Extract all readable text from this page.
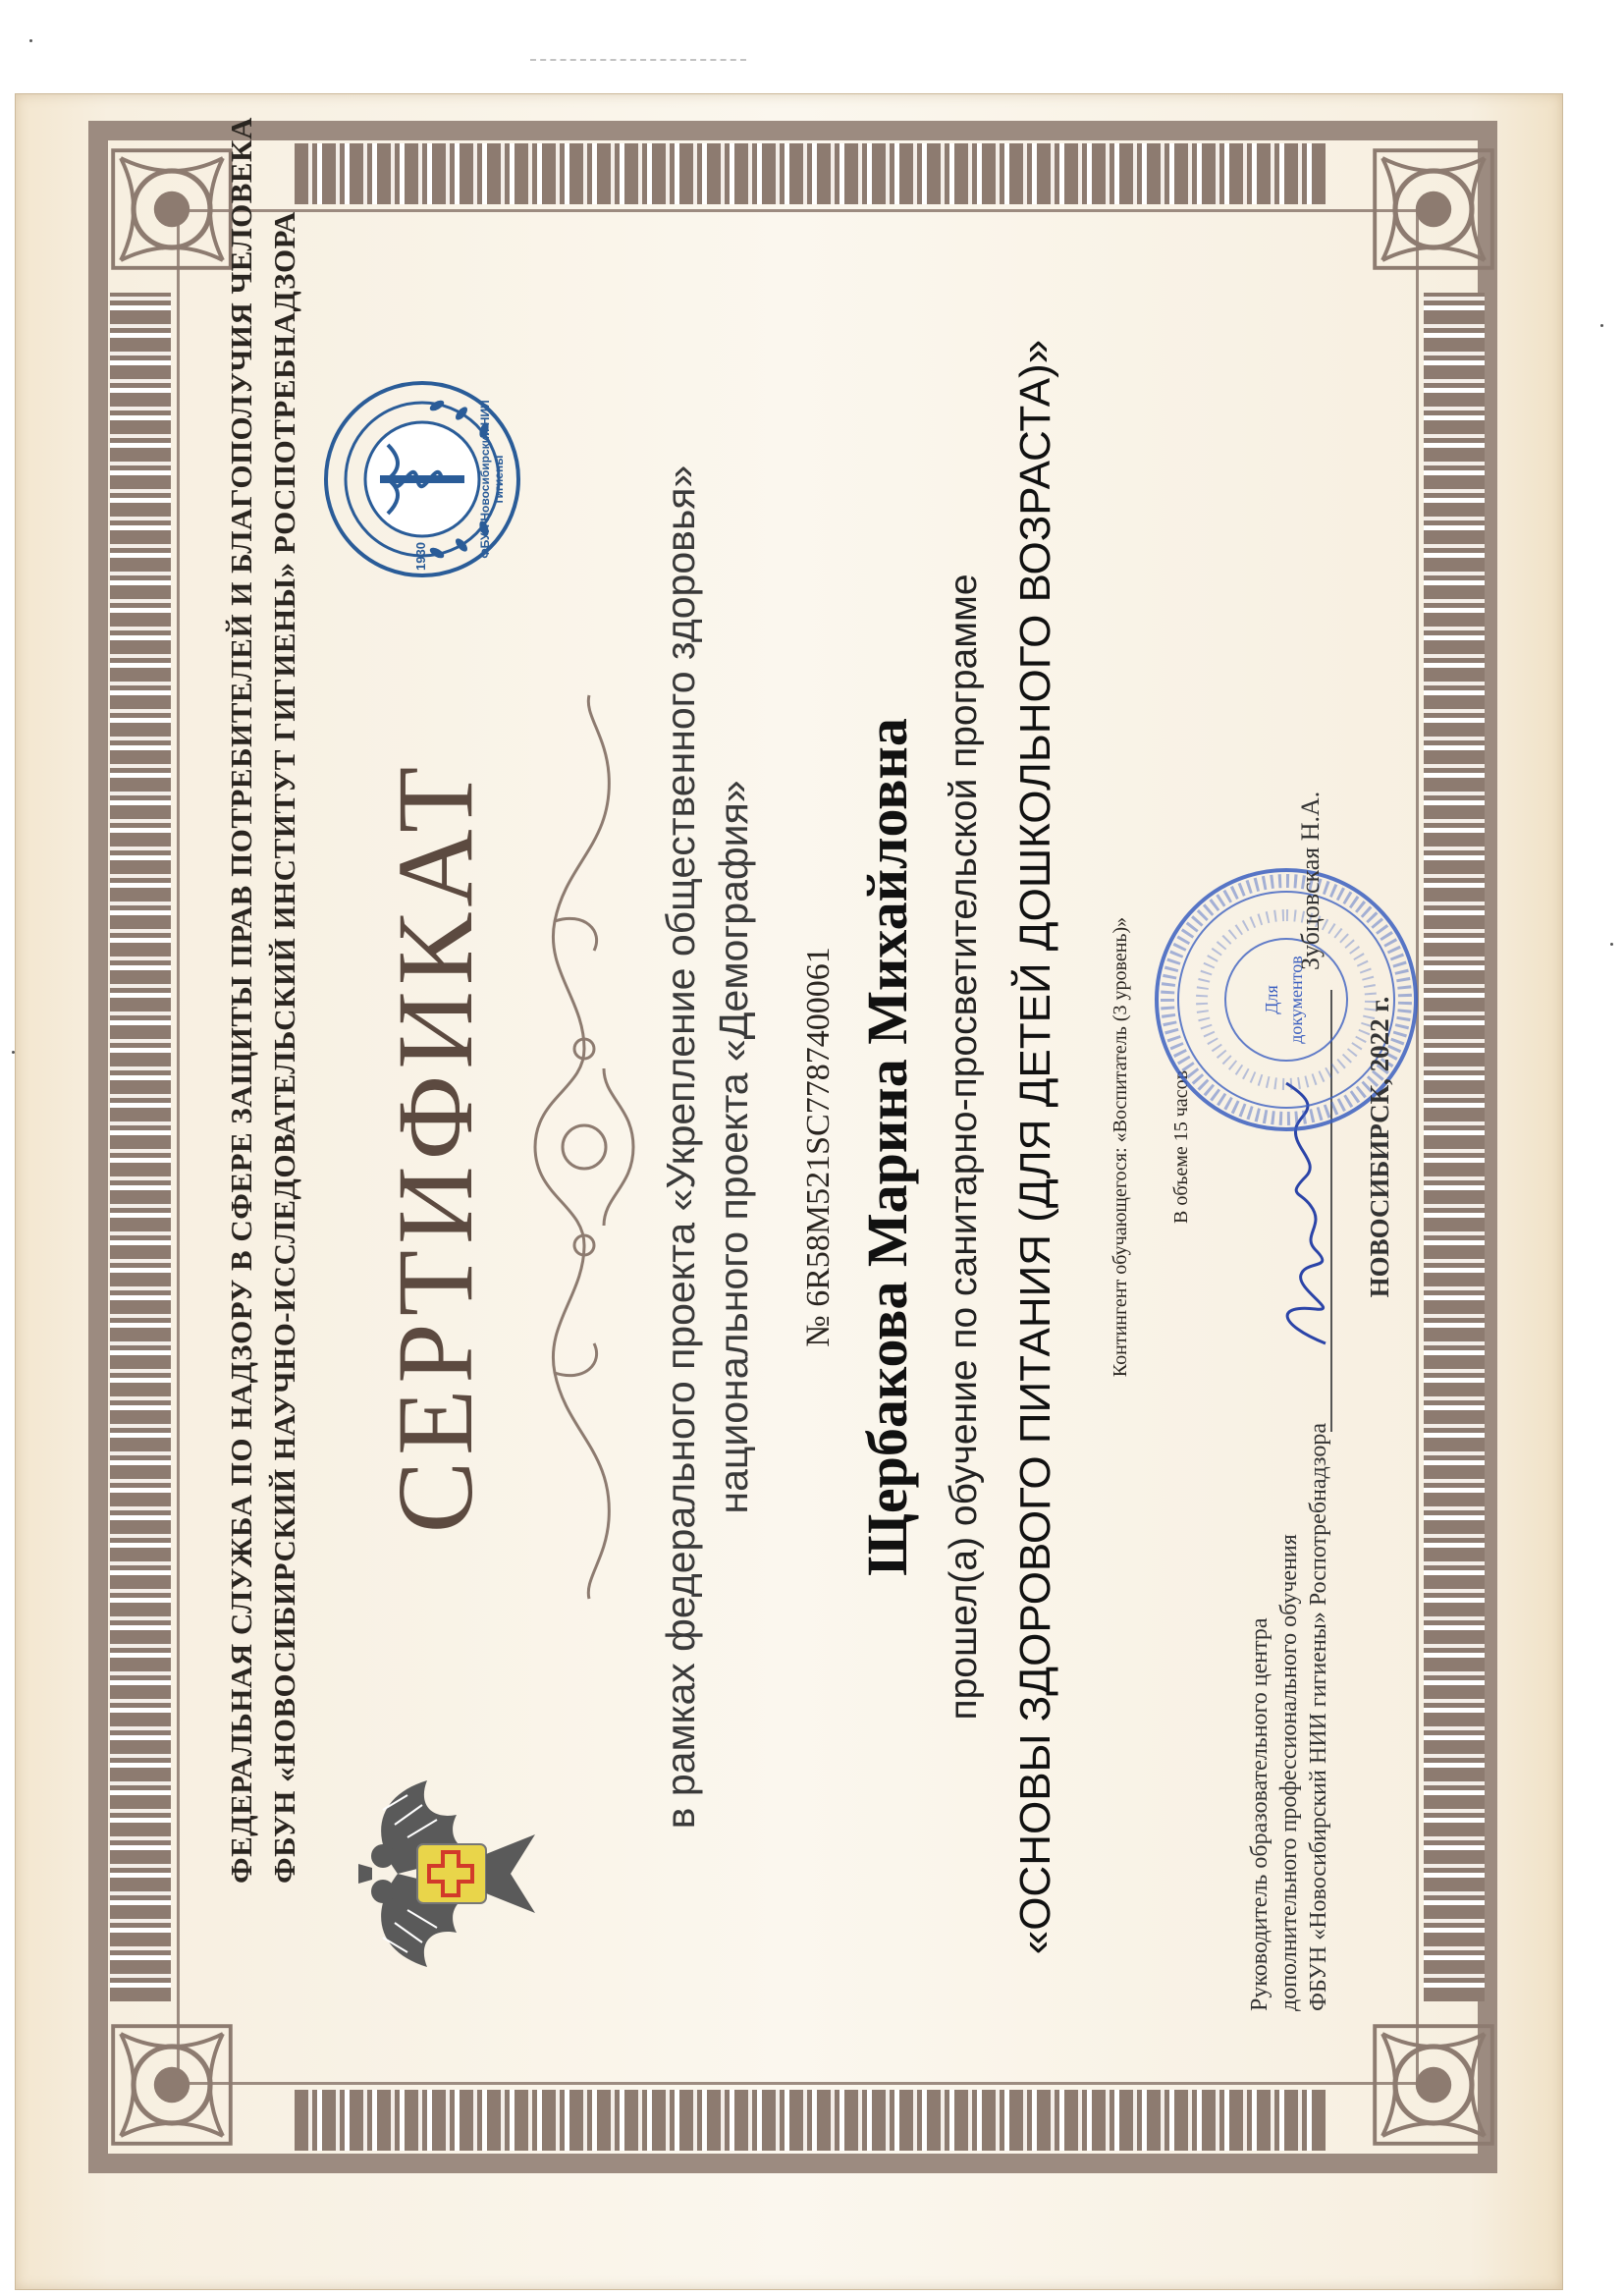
ФЕДЕРАЛЬНАЯ СЛУЖБА ПО НАДЗОРУ В СФЕРЕ ЗАЩИТЫ ПРАВ ПОТРЕБИТЕЛЕЙ И БЛАГОПОЛУЧИЯ ЧЕЛОВЕКА ФБУН «НОВОСИБИРСКИЙ НАУЧНО-ИССЛЕДОВАТЕЛЬСКИЙ ИНСТИТУТ ГИГИЕНЫ» РОСПОТРЕБНАДЗОРА	ФБУН Новосибирский НИИ гигиены
1930
СЕРТИФИКАТ	в рамках федерального проекта «Укрепление общественного здоровья» национального проекта «Демография» № 6R58M521SC7787400061 Щербакова Марина Михайловна прошел(а) обучение по санитарно-просветительской программе «ОСНОВЫ ЗДОРОВОГО ПИТАНИЯ (ДЛЯ ДЕТЕЙ ДОШКОЛЬНОГО ВОЗРАСТА)»	Контингент обучающегося: «Воспитатель (3 уровень)» В объеме 15 часов
Руководитель образовательного центра дополнительного профессионального обучения ФБУН «Новосибирский НИИ гигиены» Роспотребнадзора
Для документов
Зубцовская Н.А.
НОВОСИБИРСК, 2022 г.
